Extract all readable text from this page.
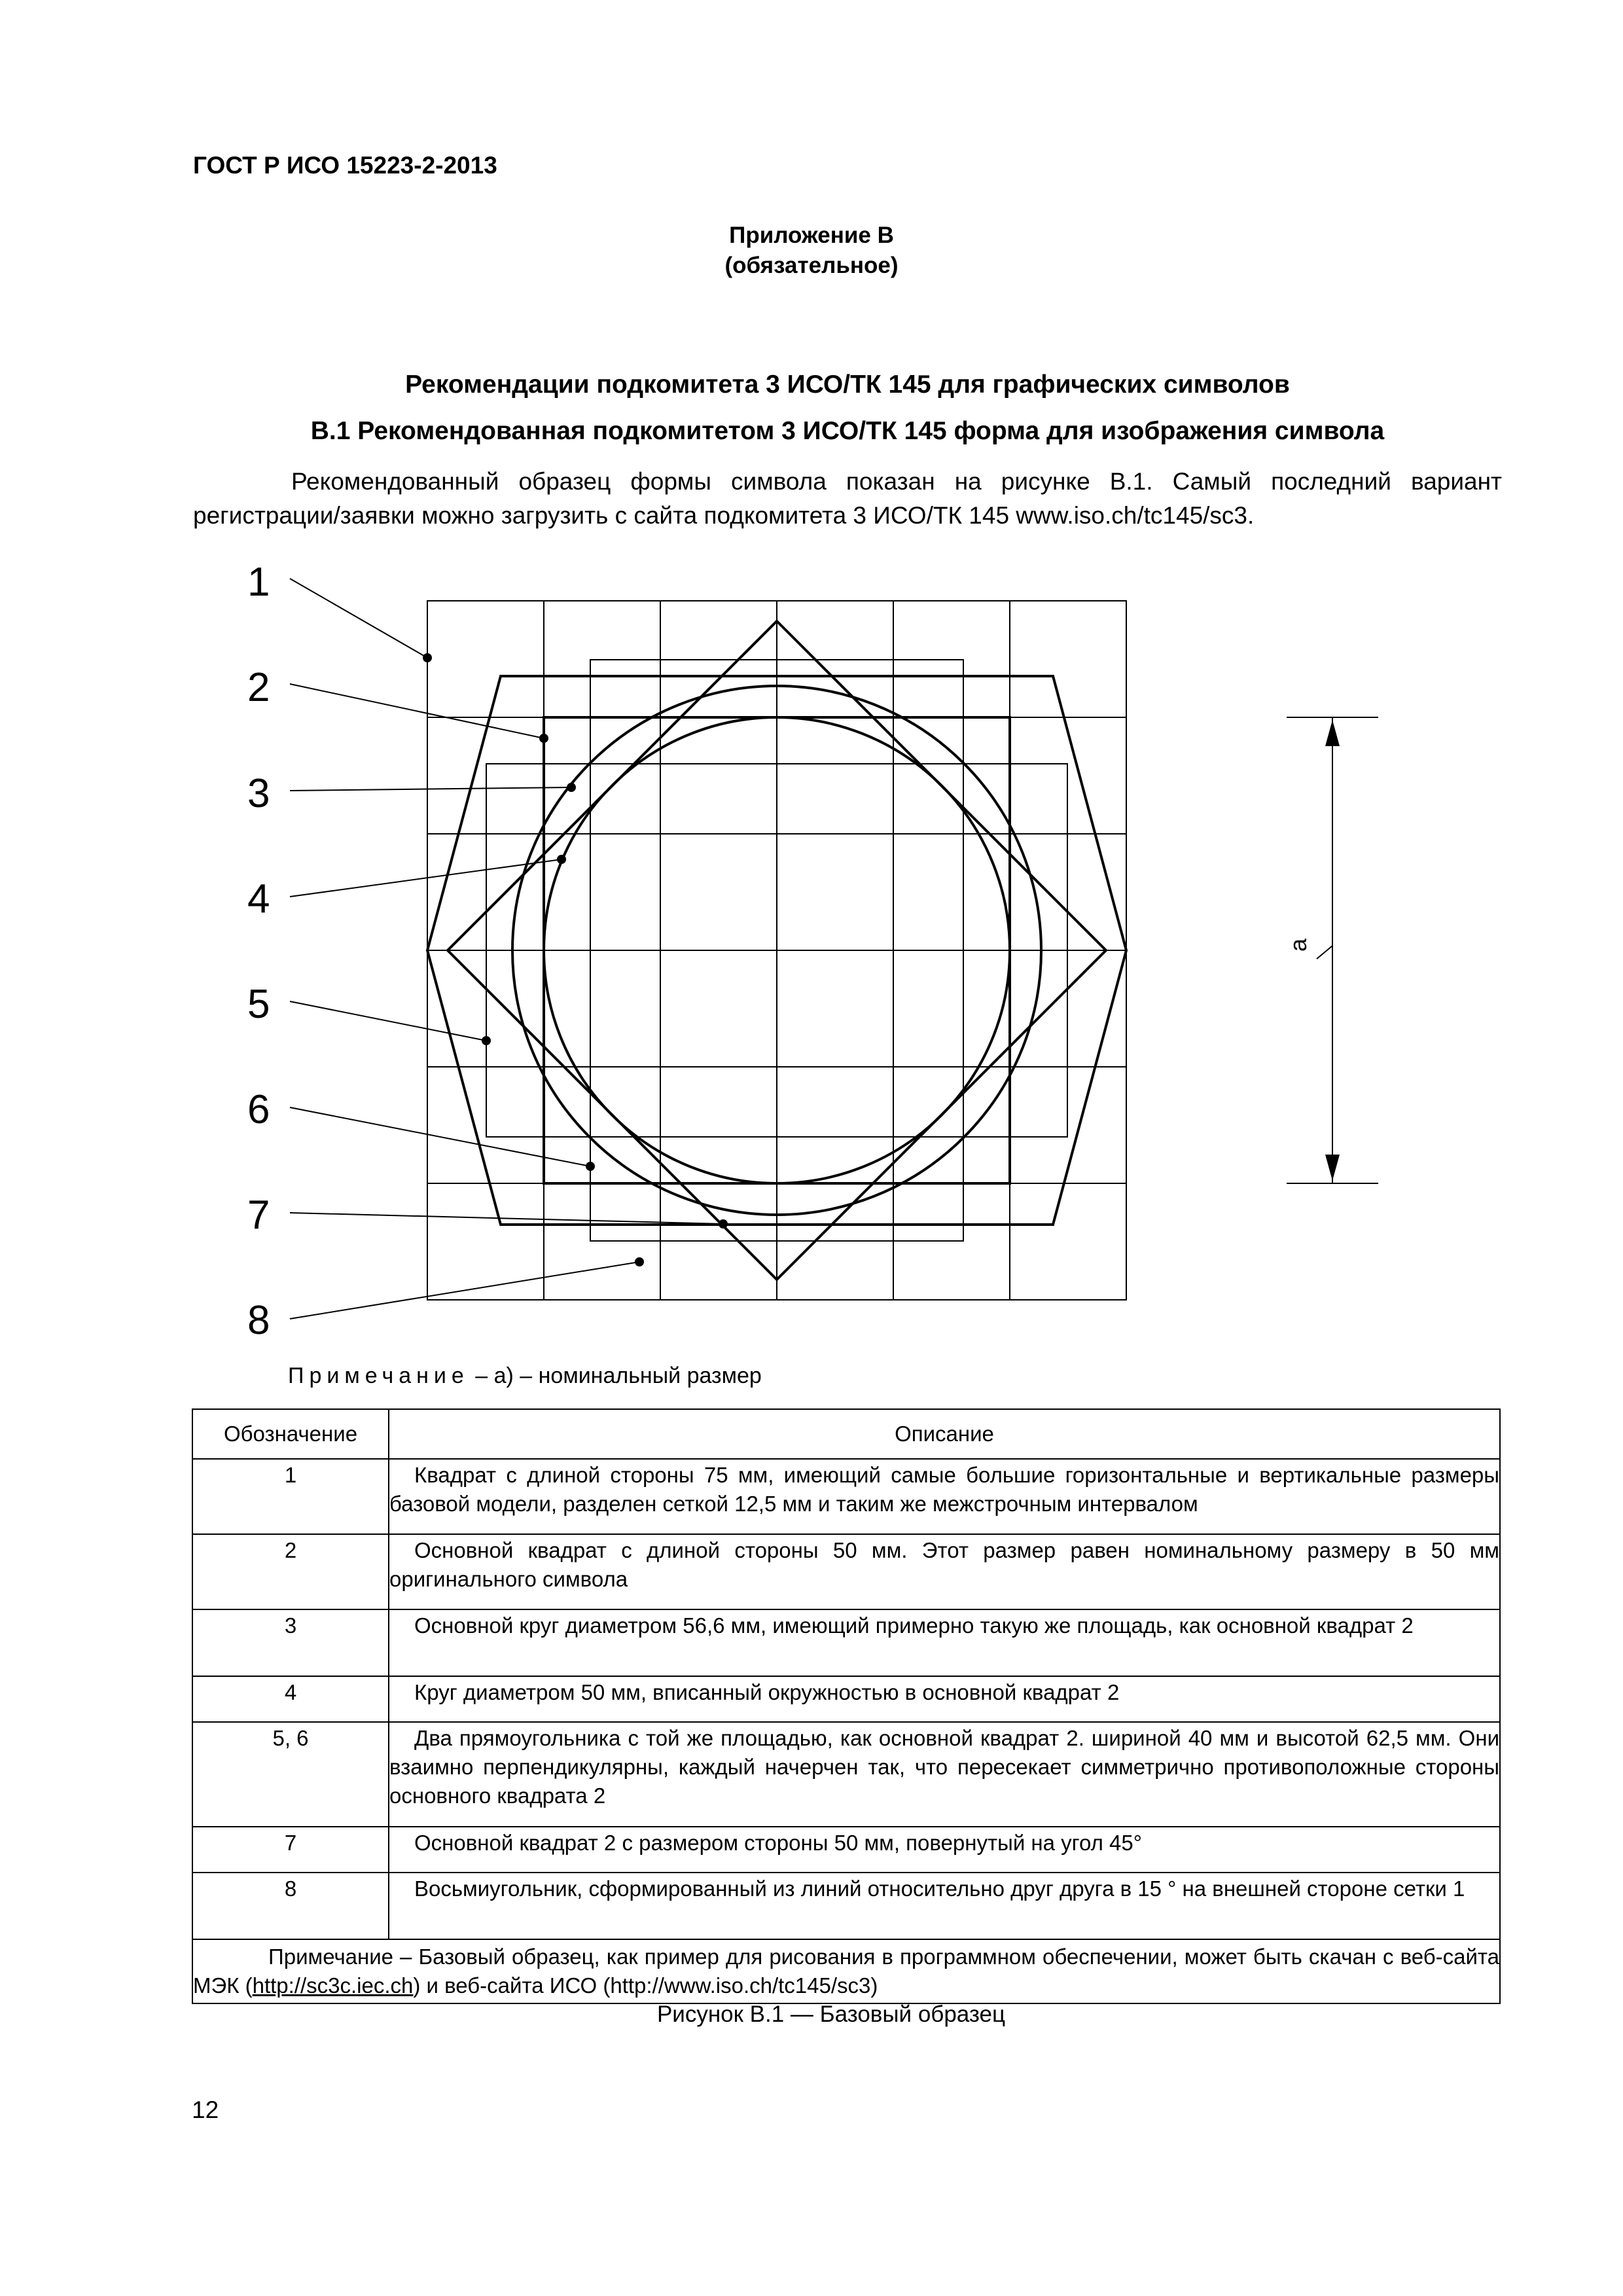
ГОСТ Р ИСО 15223-2-2013
Приложение В
(обязательное)
Рекомендации подкомитета 3 ИСО/ТК 145 для графических символов
В.1 Рекомендованная подкомитетом 3 ИСО/ТК 145 форма для изображения символа

Рекомендованный образец формы символа показан на рисунке В.1. Самый последний вариант регистрации/заявки можно загрузить с сайта подкомитета 3 ИСО/ТК 145 www.iso.ch/tc145/sc3.

1
2
3
4
5
6
7
8
a
Примечание – a) – номинальный размер
Обозначение	Описание
1	Квадрат с длиной стороны 75 мм, имеющий самые большие горизонтальные и вертикальные размеры базовой модели, разделен сеткой 12,5 мм и таким же межстрочным интервалом

2	Основной квадрат с длиной стороны 50 мм. Этот размер равен номинальному размеру в 50 мм оригинального символа

3	Основной круг диаметром 56,6 мм, имеющий примерно такую же площадь, как основной квадрат 2

4	Круг диаметром 50 мм, вписанный окружностью в основной квадрат 2

5, 6	Два прямоугольника с той же площадью, как основной квадрат 2. шириной 40 мм и высотой 62,5 мм. Они взаимно перпендикулярны, каждый начерчен так, что пересекает симметрично противоположные стороны основного квадрата 2

7	Основной квадрат 2 с размером стороны 50 мм, повернутый на угол 45°

8	Восьмиугольник, сформированный из линий относительно друг друга в 15 ° на внешней стороне сетки 1

Примечание – Базовый образец, как пример для рисования в программном обеспечении, может быть скачан с веб-сайта МЭК (http://sc3c.iec.ch) и веб-сайта ИСО (http://www.iso.ch/tc145/sc3)	
Рисунок В.1 — Базовый образец
12
